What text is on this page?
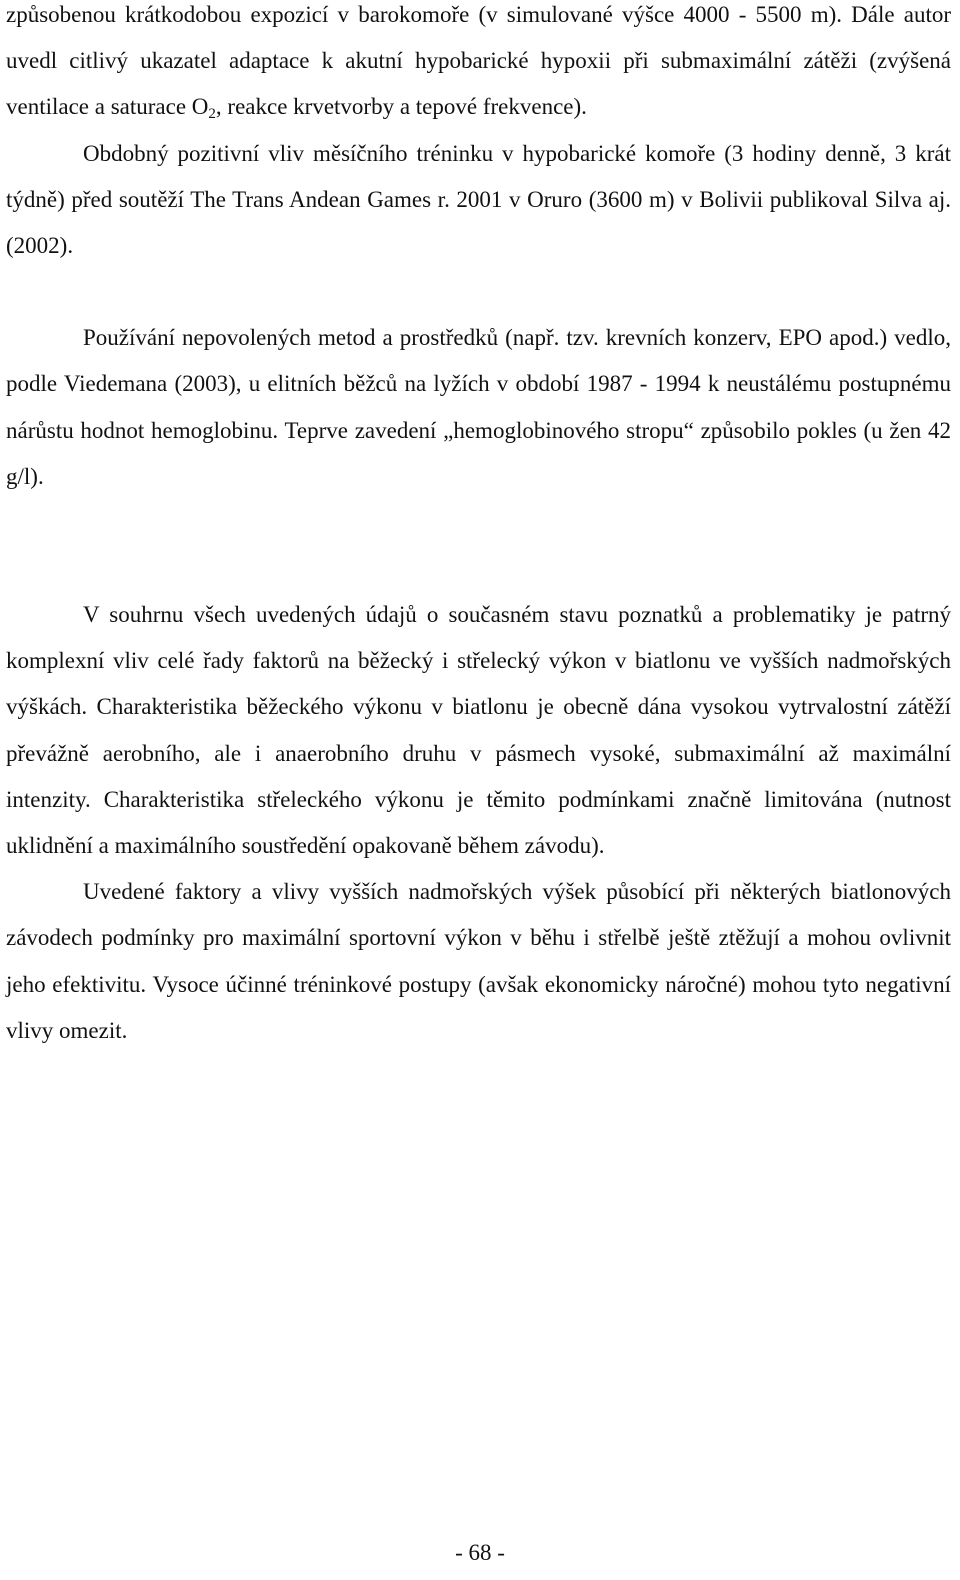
způsobenou krátkodobou expozicí v barokomoře (v simulované výšce 4000 - 5500 m). Dále autor uvedl citlivý ukazatel adaptace k akutní hypobarické hypoxii při submaximální zátěži (zvýšená ventilace a saturace $O_2$, reakce krvetvorby a tepové frekvence).

Obdobný pozitivní vliv měsíčního tréninku v hypobarické komoře (3 hodiny denně, 3 krát týdně) před soutěží The Trans Andean Games r. 2001 v Oruro (3600 m) v Bolivii publikoval Silva aj. (2002).

Používání nepovolených metod a prostředků (např. tzv. krevních konzerv, EPO apod.) vedlo, podle Viedemana (2003), u elitních běžců na lyžích v období 1987 - 1994 k neustálému postupnému nárůstu hodnot hemoglobinu. Teprve zavedení „hemoglobinového stropu“ způsobilo pokles (u žen 42 g/l).

V souhrnu všech uvedených údajů o současném stavu poznatků a problematiky je patrný komplexní vliv celé řady faktorů na běžecký i střelecký výkon v biatlonu ve vyšších nadmořských výškách. Charakteristika běžeckého výkonu v biatlonu je obecně dána vysokou vytrvalostní zátěží převážně aerobního, ale i anaerobního druhu v pásmech vysoké, submaximální až maximální intenzity. Charakteristika střeleckého výkonu je těmito podmínkami značně limitována (nutnost uklidnění a maximálního soustředění opakovaně během závodu).

Uvedené faktory a vlivy vyšších nadmořských výšek působící při některých biatlonových závodech podmínky pro maximální sportovní výkon v běhu i střelbě ještě ztěžují a mohou ovlivnit jeho efektivitu. Vysoce účinné tréninkové postupy (avšak ekonomicky náročné) mohou tyto negativní vlivy omezit.

- 68 -
